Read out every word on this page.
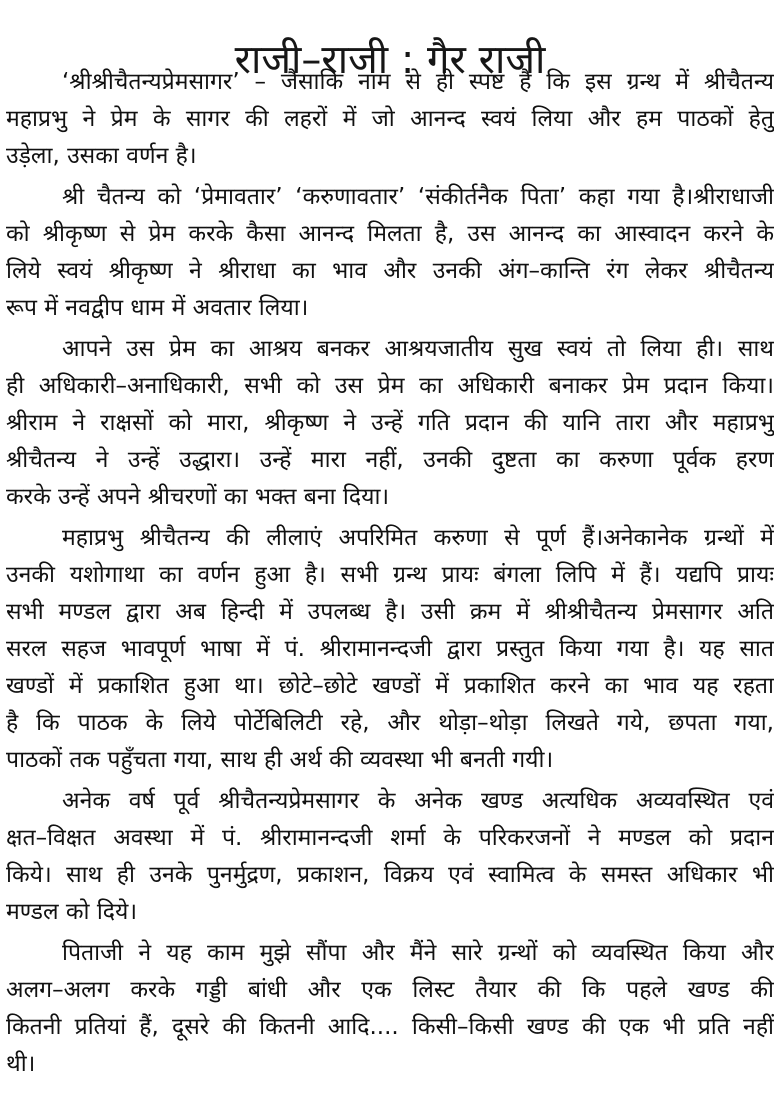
राजी–राजी : गैर राजी
‘श्रीश्रीचैतन्यप्रेमसागर’ – जैसाकि नाम से ही स्पष्ट है कि इस ग्रन्थ में श्रीचैतन्य
महाप्रभु ने प्रेम के सागर की लहरों में जो आनन्द स्वयं लिया और हम पाठकों हेतु
उड़ेला, उसका वर्णन है।
श्री चैतन्य को ‘प्रेमावतार’ ‘करुणावतार’ ‘संकीर्तनैक पिता’ कहा गया है।श्रीराधाजी
को श्रीकृष्ण से प्रेम करके कैसा आनन्द मिलता है, उस आनन्द का आस्वादन करने के
लिये स्वयं श्रीकृष्ण ने श्रीराधा का भाव और उनकी अंग–कान्ति रंग लेकर श्रीचैतन्य
रूप में नवद्वीप धाम में अवतार लिया।
आपने उस प्रेम का आश्रय बनकर आश्रयजातीय सुख स्वयं तो लिया ही। साथ
ही अधिकारी–अनाधिकारी, सभी को उस प्रेम का अधिकारी बनाकर प्रेम प्रदान किया।
श्रीराम ने राक्षसों को मारा, श्रीकृष्ण ने उन्हें गति प्रदान की यानि तारा और महाप्रभु
श्रीचैतन्य ने उन्हें उद्धारा। उन्हें मारा नहीं, उनकी दुष्टता का करुणा पूर्वक हरण
करके उन्हें अपने श्रीचरणों का भक्त बना दिया।
महाप्रभु श्रीचैतन्य की लीलाएं अपरिमित करुणा से पूर्ण हैं।अनेकानेक ग्रन्थों में
उनकी यशोगाथा का वर्णन हुआ है। सभी ग्रन्थ प्रायः बंगला लिपि में हैं। यद्यपि प्रायः
सभी मण्डल द्वारा अब हिन्दी में उपलब्ध है। उसी क्रम में श्रीश्रीचैतन्य प्रेमसागर अति
सरल सहज भावपूर्ण भाषा में पं. श्रीरामानन्दजी द्वारा प्रस्तुत किया गया है। यह सात
खण्डों में प्रकाशित हुआ था। छोटे–छोटे खण्डों में प्रकाशित करने का भाव यह रहता
है कि पाठक के लिये पोर्टेबिलिटी रहे, और थोड़ा–थोड़ा लिखते गये, छपता गया,
पाठकों तक पहुँचता गया, साथ ही अर्थ की व्यवस्था भी बनती गयी।
अनेक वर्ष पूर्व श्रीचैतन्यप्रेमसागर के अनेक खण्ड अत्यधिक अव्यवस्थित एवं
क्षत–विक्षत अवस्था में पं. श्रीरामानन्दजी शर्मा के परिकरजनों ने मण्डल को प्रदान
किये। साथ ही उनके पुनर्मुद्रण, प्रकाशन, विक्रय एवं स्वामित्व के समस्त अधिकार भी
मण्डल को दिये।
पिताजी ने यह काम मुझे सौंपा और मैंने सारे ग्रन्थों को व्यवस्थित किया और
अलग–अलग करके गड्डी बांधी और एक लिस्ट तैयार की कि पहले खण्ड की
कितनी प्रतियां हैं, दूसरे की कितनी आदि.... किसी–किसी खण्ड की एक भी प्रति नहीं
थी।
